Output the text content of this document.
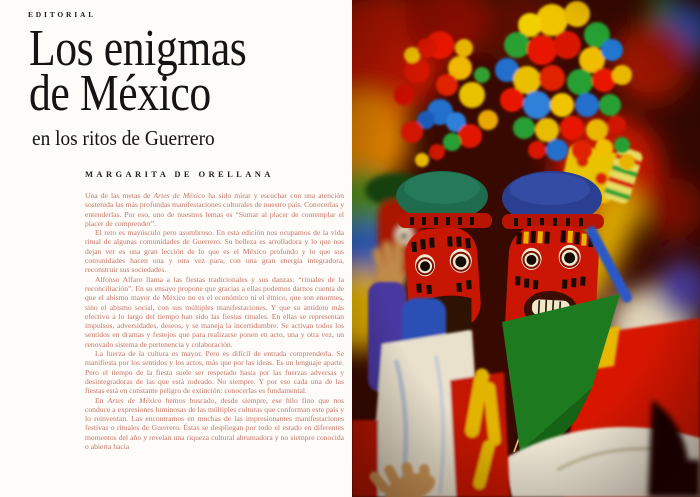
EDITORIAL
Los enigmas
de México
en los ritos de Guerrero
MARGARITA DE ORELLANA

Una de las metas de Artes de México ha sido mirar y escuchar con una atención sostenida las más profundas manifestaciones culturales de nuestro país. Conocerlas y entenderlas. Por eso, uno de nuestros lemas es “Sumar al placer de contemplar el placer de comprender”.

El reto es mayúsculo pero asombroso. En esta edición nos ocupamos de la vida ritual de algunas comunidades de Guerrero. Su belleza es arrolladora y lo que nos dejan ver es una gran lección de lo que es el México profundo y lo que sus comunidades hacen una y otra vez para, con una gran energía integradora, reconstruir sus sociedades.

Alfonso Alfaro llama a las fiestas tradicionales y sus danzas: “rituales de la reconciliación”. En su ensayo propone que gracias a ellas podemos darnos cuenta de que el abismo mayor de México no es el económico ni el étnico, que son enormes, sino el abismo social, con sus múltiples manifestaciones. Y que su antídoto más efectivo a lo largo del tiempo han sido las fiestas rituales. En ellas se representan impulsos, adversidades, deseos, y se maneja la incertidumbre. Se activan todos los sentidos en dramas y festejos que para realizarse ponen en acto, una y otra vez, un renovado sistema de pertenencia y colaboración.

La fuerza de la cultura es mayor. Pero es difícil de entrada comprenderla. Se manifiesta por los sentidos y los actos, más que por las ideas. Es un lenguaje aparte. Pero el tiempo de la fiesta suele ser respetado hasta por las fuerzas adversas y desintegradoras de las que está rodeado. No siempre. Y por eso cada una de las fiestas está en constante peligro de extinción: conocerlas es fundamental.

En Artes de México hemos buscado, desde siempre, ese hilo fino que nos conduce a expresiones luminosas de las múltiples culturas que conforman este país y lo reinventan. Las encontramos en muchas de las impresionantes manifestaciones festivas o rituales de Guerrero. Éstas se despliegan por todo el estado en diferentes momentos del año y revelan una riqueza cultural abrumadora y no siempre conocida o abierta hacia
